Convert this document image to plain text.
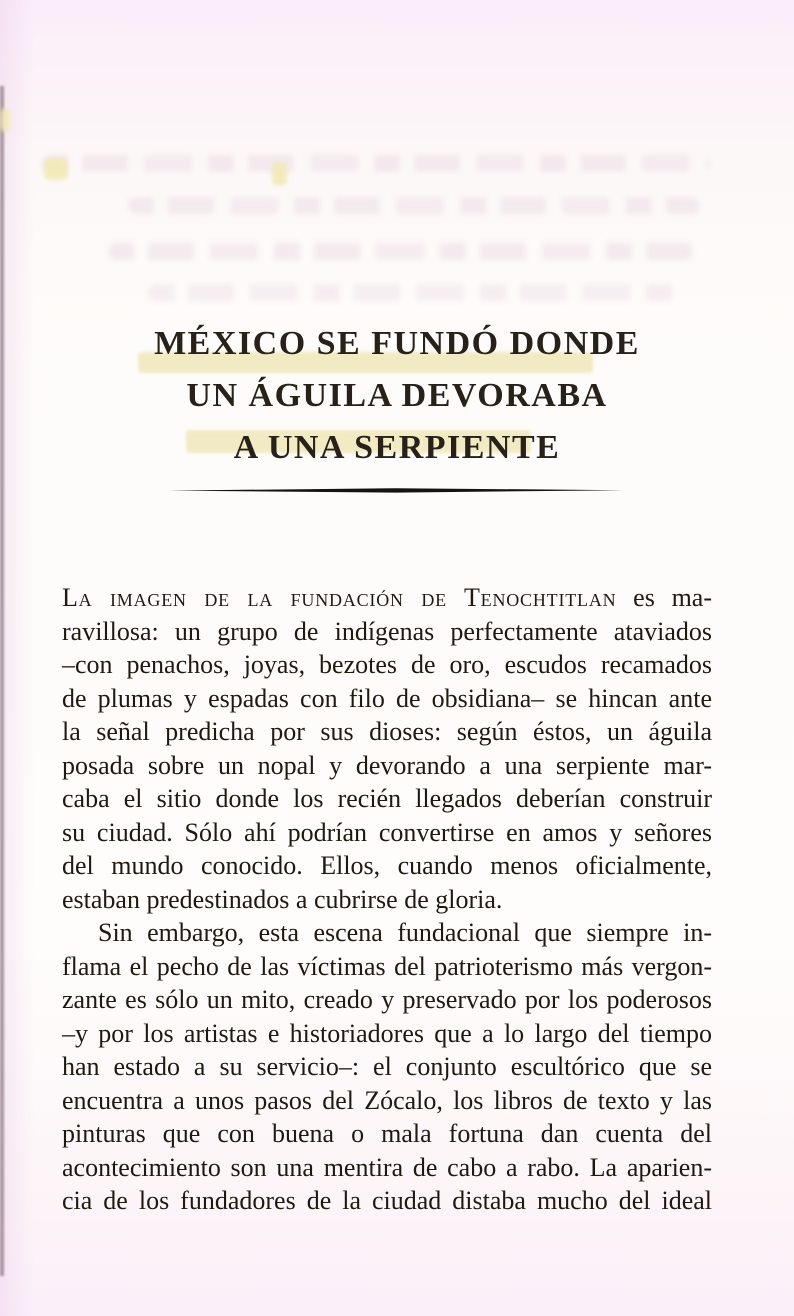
MÉXICO SE FUNDÓ DONDE
UN ÁGUILA DEVORABA
A UNA SERPIENTE
La imagen de la fundación de Tenochtitlan es ma-
ravillosa: un grupo de indígenas perfectamente ataviados
–con penachos, joyas, bezotes de oro, escudos recamados
de plumas y espadas con filo de obsidiana– se hincan ante
la señal predicha por sus dioses: según éstos, un águila
posada sobre un nopal y devorando a una serpiente mar-
caba el sitio donde los recién llegados deberían construir
su ciudad. Sólo ahí podrían convertirse en amos y señores
del mundo conocido. Ellos, cuando menos oficialmente,
estaban predestinados a cubrirse de gloria.
Sin embargo, esta escena fundacional que siempre in-
flama el pecho de las víctimas del patrioterismo más vergon-
zante es sólo un mito, creado y preservado por los poderosos
–y por los artistas e historiadores que a lo largo del tiempo
han estado a su servicio–: el conjunto escultórico que se
encuentra a unos pasos del Zócalo, los libros de texto y las
pinturas que con buena o mala fortuna dan cuenta del
acontecimiento son una mentira de cabo a rabo. La aparien-
cia de los fundadores de la ciudad distaba mucho del ideal
